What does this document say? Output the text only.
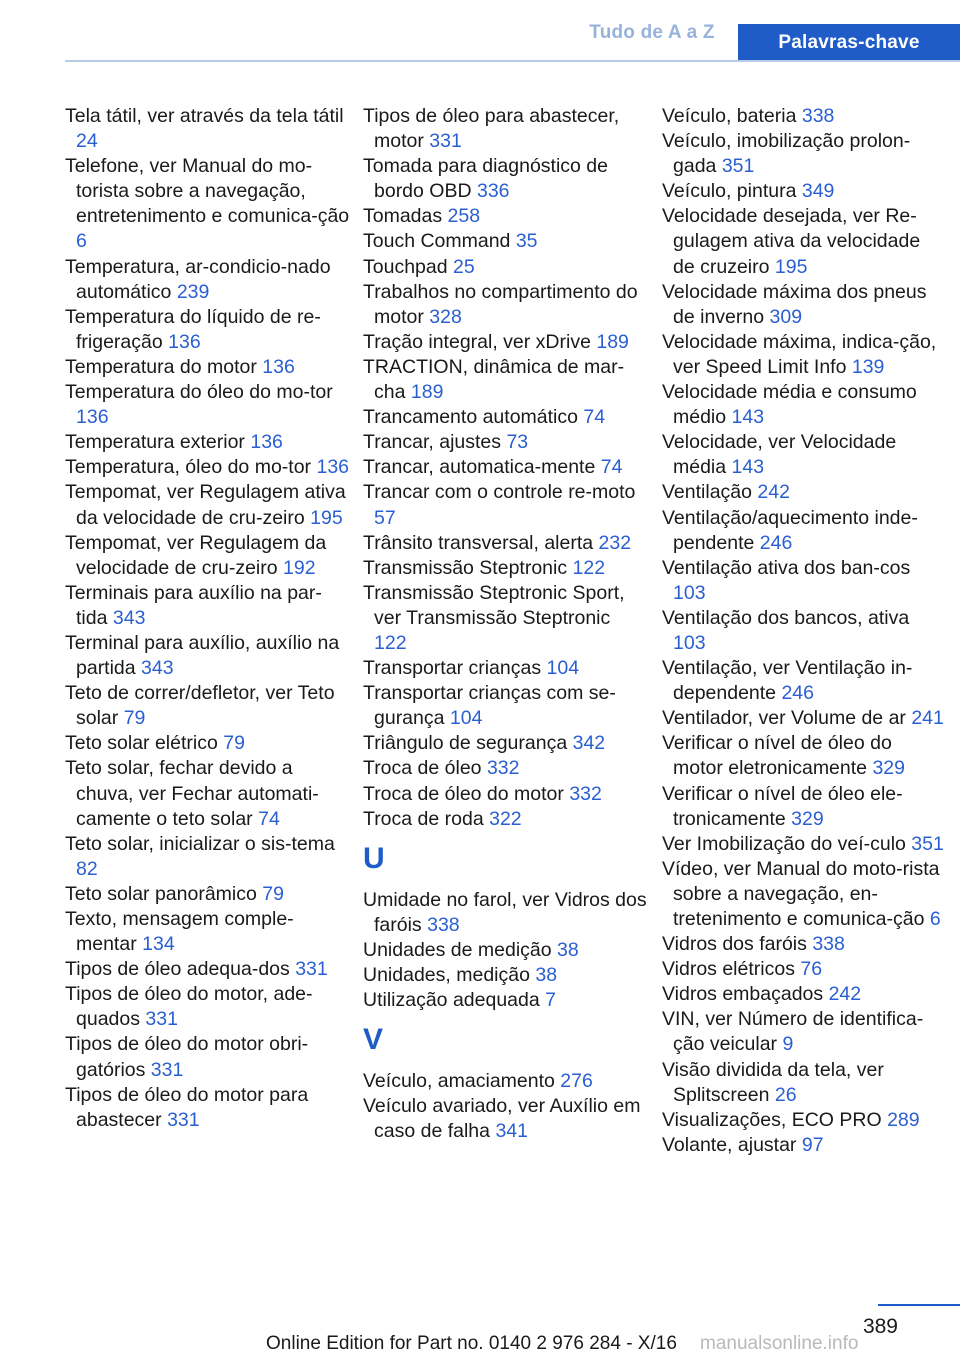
Tudo de A a Z	Palavras-chave
Tela tátil, ver através da tela tátil 24
Telefone, ver Manual do mo-torista sobre a navegação, entretenimento e comunica-ção 6
Temperatura, ar-condicio-nado automático 239
Temperatura do líquido de re-frigeração 136
Temperatura do motor 136
Temperatura do óleo do mo-tor 136
Temperatura exterior 136
Temperatura, óleo do mo-tor 136
Tempomat, ver Regulagem ativa da velocidade de cru-zeiro 195
Tempomat, ver Regulagem da velocidade de cru-zeiro 192
Terminais para auxílio na par-tida 343
Terminal para auxílio, auxílio na partida 343
Teto de correr/defletor, ver Teto solar 79
Teto solar elétrico 79
Teto solar, fechar devido a chuva, ver Fechar automati-camente o teto solar 74
Teto solar, inicializar o sis-tema 82
Teto solar panorâmico 79
Texto, mensagem comple-mentar 134
Tipos de óleo adequa-dos 331
Tipos de óleo do motor, ade-quados 331
Tipos de óleo do motor obri-gatórios 331
Tipos de óleo do motor para abastecer 331
Tipos de óleo para abastecer, motor 331
Tomada para diagnóstico de bordo OBD 336
Tomadas 258
Touch Command 35
Touchpad 25
Trabalhos no compartimento do motor 328
Tração integral, ver xDrive 189
TRACTION, dinâmica de mar-cha 189
Trancamento automático 74
Trancar, ajustes 73
Trancar, automatica-mente 74
Trancar com o controle re-moto 57
Trânsito transversal, alerta 232
Transmissão Steptronic 122
Transmissão Steptronic Sport, ver Transmissão Steptronic 122
Transportar crianças 104
Transportar crianças com se-gurança 104
Triângulo de segurança 342
Troca de óleo 332
Troca de óleo do motor 332
Troca de roda 322
U
Umidade no farol, ver Vidros dos faróis 338
Unidades de medição 38
Unidades, medição 38
Utilização adequada 7
V
Veículo, amaciamento 276
Veículo avariado, ver Auxílio em caso de falha 341
Veículo, bateria 338
Veículo, imobilização prolon-gada 351
Veículo, pintura 349
Velocidade desejada, ver Re-gulagem ativa da velocidade de cruzeiro 195
Velocidade máxima dos pneus de inverno 309
Velocidade máxima, indica-ção, ver Speed Limit Info 139
Velocidade média e consumo médio 143
Velocidade, ver Velocidade média 143
Ventilação 242
Ventilação/aquecimento inde-pendente 246
Ventilação ativa dos ban-cos 103
Ventilação dos bancos, ativa 103
Ventilação, ver Ventilação in-dependente 246
Ventilador, ver Volume de ar 241
Verificar o nível de óleo do motor eletronicamente 329
Verificar o nível de óleo ele-tronicamente 329
Ver Imobilização do veí-culo 351
Vídeo, ver Manual do moto-rista sobre a navegação, en-tretenimento e comunica-ção 6
Vidros dos faróis 338
Vidros elétricos 76
Vidros embaçados 242
VIN, ver Número de identifica-ção veicular 9
Visão dividida da tela, ver Splitscreen 26
Visualizações, ECO PRO 289
Volante, ajustar 97
389
Online Edition for Part no. 0140 2 976 284 - X/16 manualsonline.info
